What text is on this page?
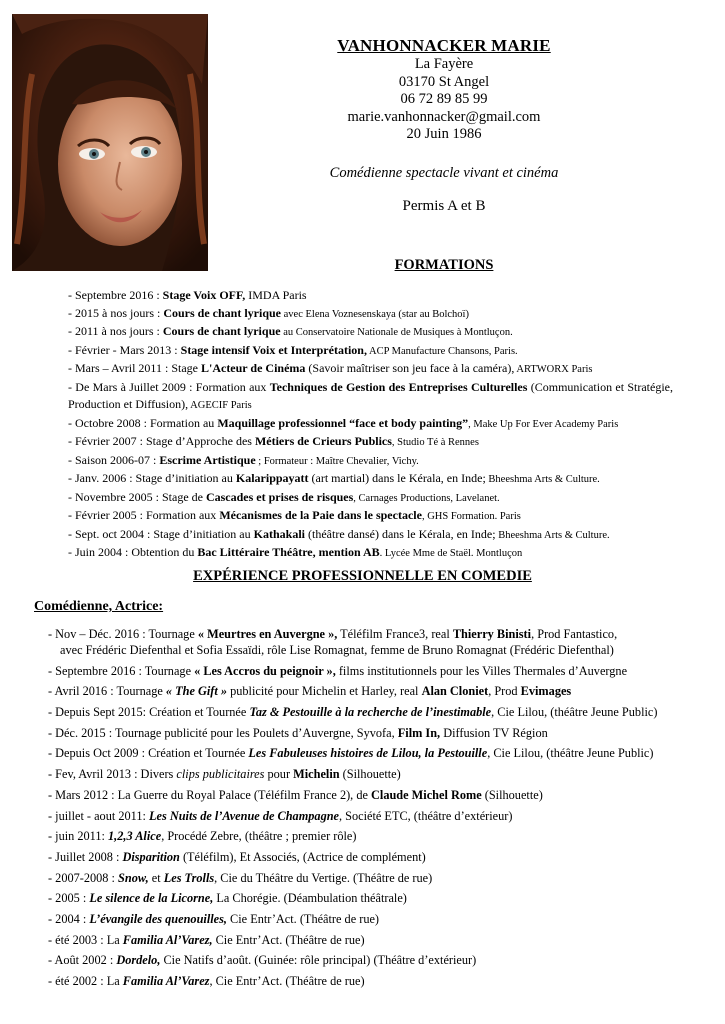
VANHONNACKER MARIE
La Fayère
03170 St Angel
06 72 89 85 99
marie.vanhonnacker@gmail.com
20 Juin 1986
Comédienne spectacle vivant et cinéma
Permis A et B
FORMATIONS
- Septembre 2016 : Stage Voix OFF, IMDA Paris
- 2015 à nos jours : Cours de chant lyrique avec Elena Voznesenskaya (star au Bolchoï)
- 2011 à nos jours : Cours de chant lyrique au Conservatoire Nationale de Musiques à Montluçon.
- Février - Mars 2013 : Stage intensif Voix et Interprétation, ACP Manufacture Chansons, Paris.
- Mars – Avril 2011 : Stage L'Acteur de Cinéma (Savoir maîtriser son jeu face à la caméra), ARTWORX Paris
- De Mars à Juillet 2009 : Formation aux Techniques de Gestion des Entreprises Culturelles (Communication et Stratégie, Production et Diffusion), AGECIF Paris
- Octobre 2008 : Formation au Maquillage professionnel “face et body painting”, Make Up For Ever Academy Paris
- Février 2007 : Stage d’Approche des Métiers de Crieurs Publics, Studio Té à Rennes
- Saison 2006-07 : Escrime Artistique ; Formateur : Maître Chevalier, Vichy.
- Janv. 2006 : Stage d’initiation au Kalarippayatt (art martial) dans le Kérala, en Inde; Bheeshma Arts & Culture.
- Novembre 2005 : Stage de Cascades et prises de risques, Carnages Productions, Lavelanet.
- Février 2005 : Formation aux Mécanismes de la Paie dans le spectacle, GHS Formation. Paris
- Sept. oct 2004 : Stage d’initiation au Kathakali (théâtre dansé) dans le Kérala, en Inde; Bheeshma Arts & Culture.
- Juin 2004 : Obtention du Bac Littéraire Théâtre, mention AB. Lycée Mme de Staël. Montluçon
EXPÉRIENCE PROFESSIONNELLE EN COMEDIE
Comédienne, Actrice:
- Nov – Déc. 2016 : Tournage « Meurtres en Auvergne », Téléfilm France3, real Thierry Binisti, Prod Fantastico,
avec Frédéric Diefenthal et Sofia Essaïdi, rôle Lise Romagnat, femme de Bruno Romagnat (Frédéric Diefenthal)
- Septembre 2016 : Tournage « Les Accros du peignoir », films institutionnels pour les Villes Thermales d’Auvergne
- Avril 2016 : Tournage « The Gift » publicité pour Michelin et Harley, real Alan Cloniet, Prod Evimages
- Depuis Sept 2015: Création et Tournée Taz & Pestouille à la recherche de l’inestimable, Cie Lilou, (théâtre Jeune Public)
- Déc. 2015 : Tournage publicité pour les Poulets d’Auvergne, Syvofa, Film In, Diffusion TV Région
- Depuis Oct 2009 : Création et Tournée Les Fabuleuses histoires de Lilou, la Pestouille, Cie Lilou, (théâtre Jeune Public)
- Fev, Avril 2013 : Divers clips publicitaires pour Michelin (Silhouette)
- Mars 2012 : La Guerre du Royal Palace (Téléfilm France 2), de Claude Michel Rome (Silhouette)
- juillet - aout 2011: Les Nuits de l’Avenue de Champagne, Société ETC, (théâtre d’extérieur)
- juin 2011: 1,2,3 Alice, Procédé Zebre, (théâtre ; premier rôle)
- Juillet 2008 : Disparition (Téléfilm), Et Associés, (Actrice de complément)
- 2007-2008 : Snow, et Les Trolls, Cie du Théâtre du Vertige. (Théâtre de rue)
- 2005 : Le silence de la Licorne, La Chorégie. (Déambulation théâtrale)
- 2004 : L’évangile des quenouilles, Cie Entr’Act. (Théâtre de rue)
- été 2003 : La Familia Al’Varez, Cie Entr’Act. (Théâtre de rue)
- Août 2002 : Dordelo, Cie Natifs d’août. (Guinée: rôle principal) (Théâtre d’extérieur)
- été 2002 : La Familia Al’Varez, Cie Entr’Act. (Théâtre de rue)
